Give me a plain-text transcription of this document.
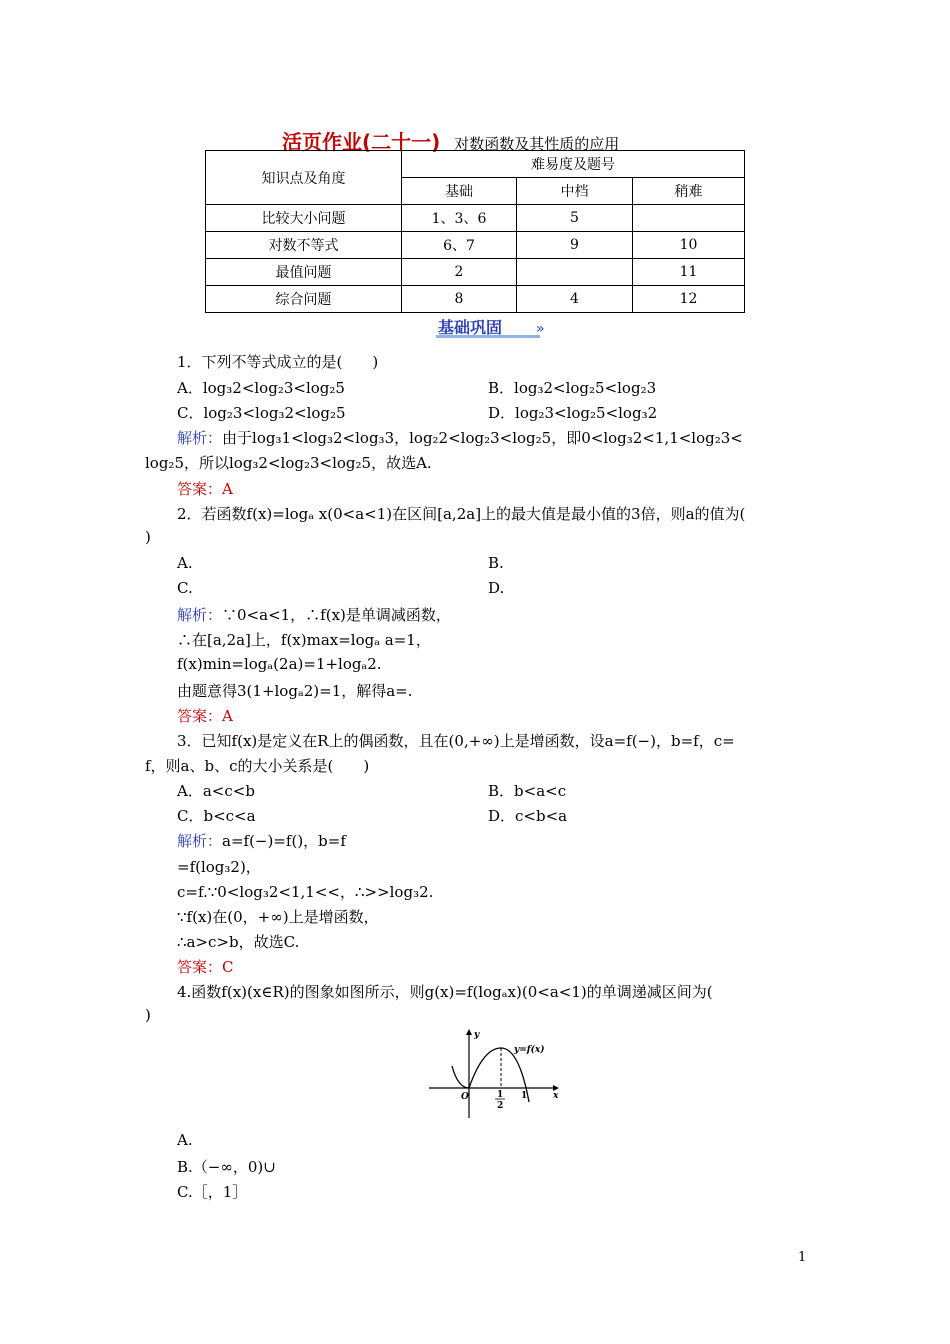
活页作业(二十一) 对数函数及其性质的应用
知识点及角度	难易度及题号		
	基础	中档	稍难
比较大小问题	1、3、6	5	
对数不等式	6、7	9	10
最值问题	2		11
综合问题	8	4	12
基础巩固 »
1．下列不等式成立的是(　　)
A．log₃2<log₂3<log₂5	B．log₃2<log₂5<log₂3
C．log₂3<log₃2<log₂5	D．log₂3<log₂5<log₃2
解析：由于log₃1<log₃2<log₃3，log₂2<log₂3<log₂5，即0<log₃2<1,1<log₂3<
log₂5，所以log₃2<log₂3<log₂5，故选A.
答案：A
2．若函数f(x)=logₐ x(0<a<1)在区间[a,2a]上的最大值是最小值的3倍，则a的值为(
)
A.	B.
C.	D.
解析：∵0<a<1，∴f(x)是单调减函数，
∴在[a,2a]上，f(x)max=logₐ a=1，
f(x)min=logₐ(2a)=1+logₐ2.
由题意得3(1+logₐ2)=1，解得a=.
答案：A
3．已知f(x)是定义在R上的偶函数，且在(0,+∞)上是增函数，设a=f(−)，b=f，c=
f，则a、b、c的大小关系是(　　)
A．a<c<b	B．b<a<c
C．b<c<a	D．c<b<a
解析：a=f(−)=f()，b=f
=f(log₃2)，
c=f.∵0<log₃2<1,1<<，∴>>log₃2.
∵f(x)在(0，+∞)上是增函数，
∴a>c>b，故选C.
答案：C
4.函数f(x)(x∈R)的图象如图所示，则g(x)=f(logₐx)(0<a<1)的单调递减区间为(
)
y
x
y=f(x)
O	1
2
1
A.
B.（−∞，0)∪
C.［，1］
1
